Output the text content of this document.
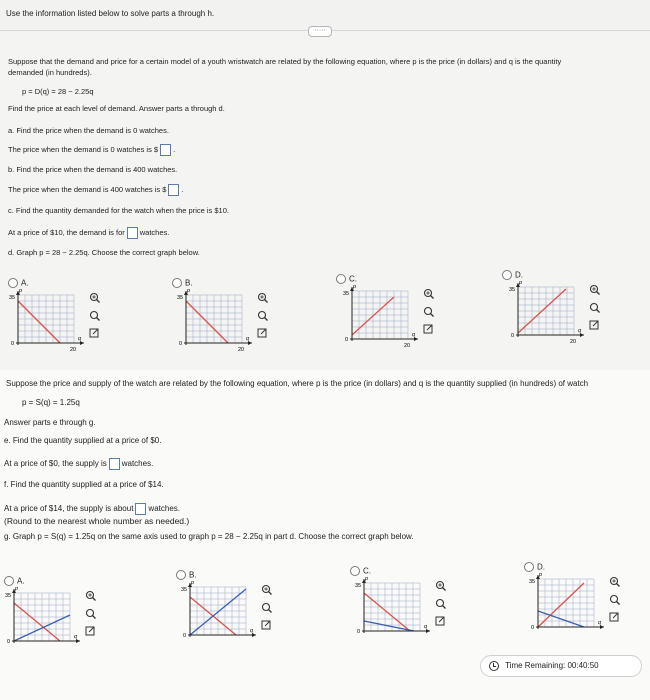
Use the information listed below to solve parts a through h.
·····
Suppose that the demand and price for a certain model of a youth wristwatch are related by the following equation, where p is the price (in dollars) and q is the quantity
demanded (in hundreds).
p = D(q) = 28 − 2.25q
Find the price at each level of demand. Answer parts a through d.
a. Find the price when the demand is 0 watches.
The price when the demand is 0 watches is $ .
b. Find the price when the demand is 400 watches.
The price when the demand is 400 watches is $ .
c. Find the quantity demanded for the watch when the price is $10.
At a price of $10, the demand is for watches.
d. Graph p = 28 − 2.25q. Choose the correct graph below.
A.	B.	C.	D.
35
0
p
q
20
35
0
p
q
20
35
0
p
q
20
35
0
p
q
20
Suppose the price and supply of the watch are related by the following equation, where p is the price (in dollars) and q is the quantity supplied (in hundreds) of watch
p = S(q) = 1.25q
Answer parts e through g.
e. Find the quantity supplied at a price of $0.
At a price of $0, the supply is watches.
f. Find the quantity supplied at a price of $14.
At a price of $14, the supply is about watches.
(Round to the nearest whole number as needed.)
g. Graph p = S(q) = 1.25q on the same axis used to graph p = 28 − 2.25q in part d. Choose the correct graph below.
A.
B.	C.	D.
35
0
p
q
35
0
p
q
35
0
p
q
35
0
p
q
Time Remaining: 00:40:50
